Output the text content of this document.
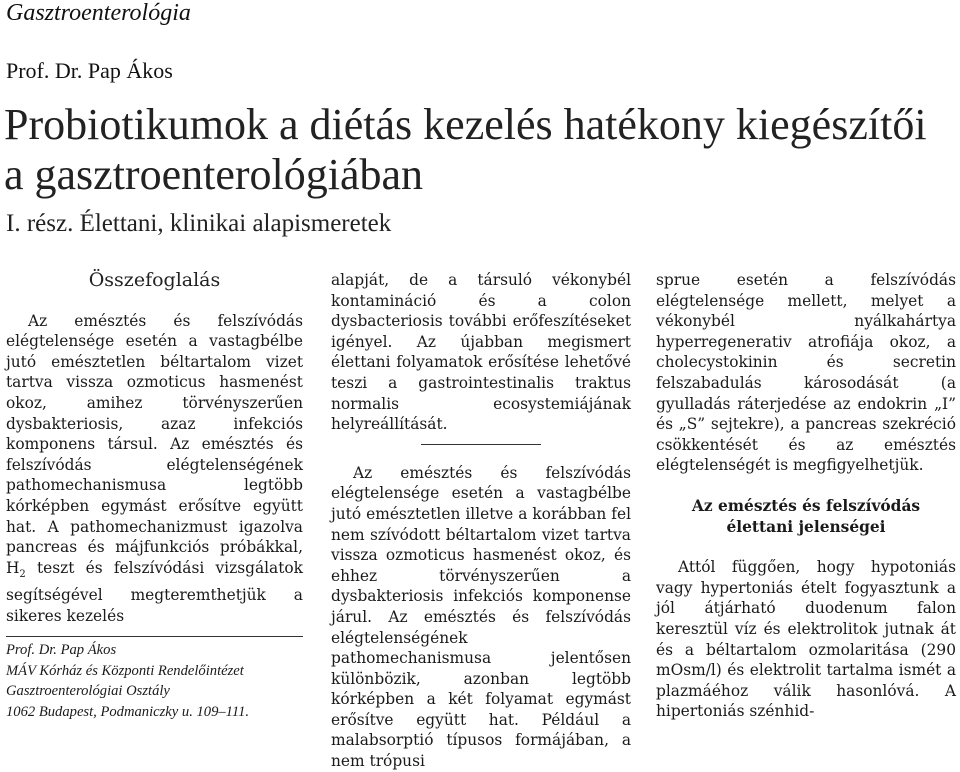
Gasztroenterológia
Prof. Dr. Pap Ákos
Probiotikumok a diétás kezelés hatékony kiegészítői a gasztroenterológiában
I. rész. Élettani, klinikai alapismeretek
Összefoglalás

Az emésztés és felszívódás elégtelensége esetén a vastagbélbe jutó emésztetlen béltartalom vizet tartva vissza ozmoticus hasmenést okoz, amihez törvényszerűen dysbakteriosis, azaz infekciós komponens társul. Az emésztés és felszívódás elégtelenségének pathomechanismusa legtöbb kórképben egymást erősítve együtt hat. A pathomechanizmust igazolva pancreas és májfunkciós próbákkal, $H_2$ teszt és felszívódási vizsgálatok segítségével megteremthetjük a sikeres kezelés

Prof. Dr. Pap Ákos
MÁV Kórház és Központi Rendelőintézet
Gasztroenterológiai Osztály
1062 Budapest, Podmaniczky u. 109–111.

alapját, de a társuló vékonybél kontamináció és a colon dysbacteriosis további erőfeszítéseket igényel. Az újabban megismert élettani folyamatok erősítése lehetővé teszi a gastrointestinalis traktus normalis ecosystemiájának helyreállítását.

Az emésztés és felszívódás elégtelensége esetén a vastagbélbe jutó emésztetlen illetve a korábban fel nem szívódott béltartalom vizet tartva vissza ozmoticus hasmenést okoz, és ehhez törvényszerűen a dysbakteriosis infekciós komponense járul. Az emésztés és felszívódás elégtelenségének pathomechanismusa jelentősen különbözik, azonban legtöbb kórképben a két folyamat egymást erősítve együtt hat. Például a malabsorptió típusos formájában, a nem trópusi

sprue esetén a felszívódás elégtelensége mellett, melyet a vékonybél nyálkahártya hyperregenerativ atrofiája okoz, a cholecystokinin és secretin felszabadulás károsodását (a gyulladás ráterjedése az endokrin „I” és „S” sejtekre), a pancreas szekréció csökkentését és az emésztés elégtelenségét is megfigyelhetjük.

Az emésztés és felszívódás élettani jelenségei

Attól függően, hogy hypotoniás vagy hypertoniás ételt fogyasztunk a jól átjárható duodenum falon keresztül víz és elektrolitok jutnak át és a béltartalom ozmolaritása (290 mOsm/l) és elektrolit tartalma ismét a plazmáéhoz válik hasonlóvá. A hipertoniás szénhid-
